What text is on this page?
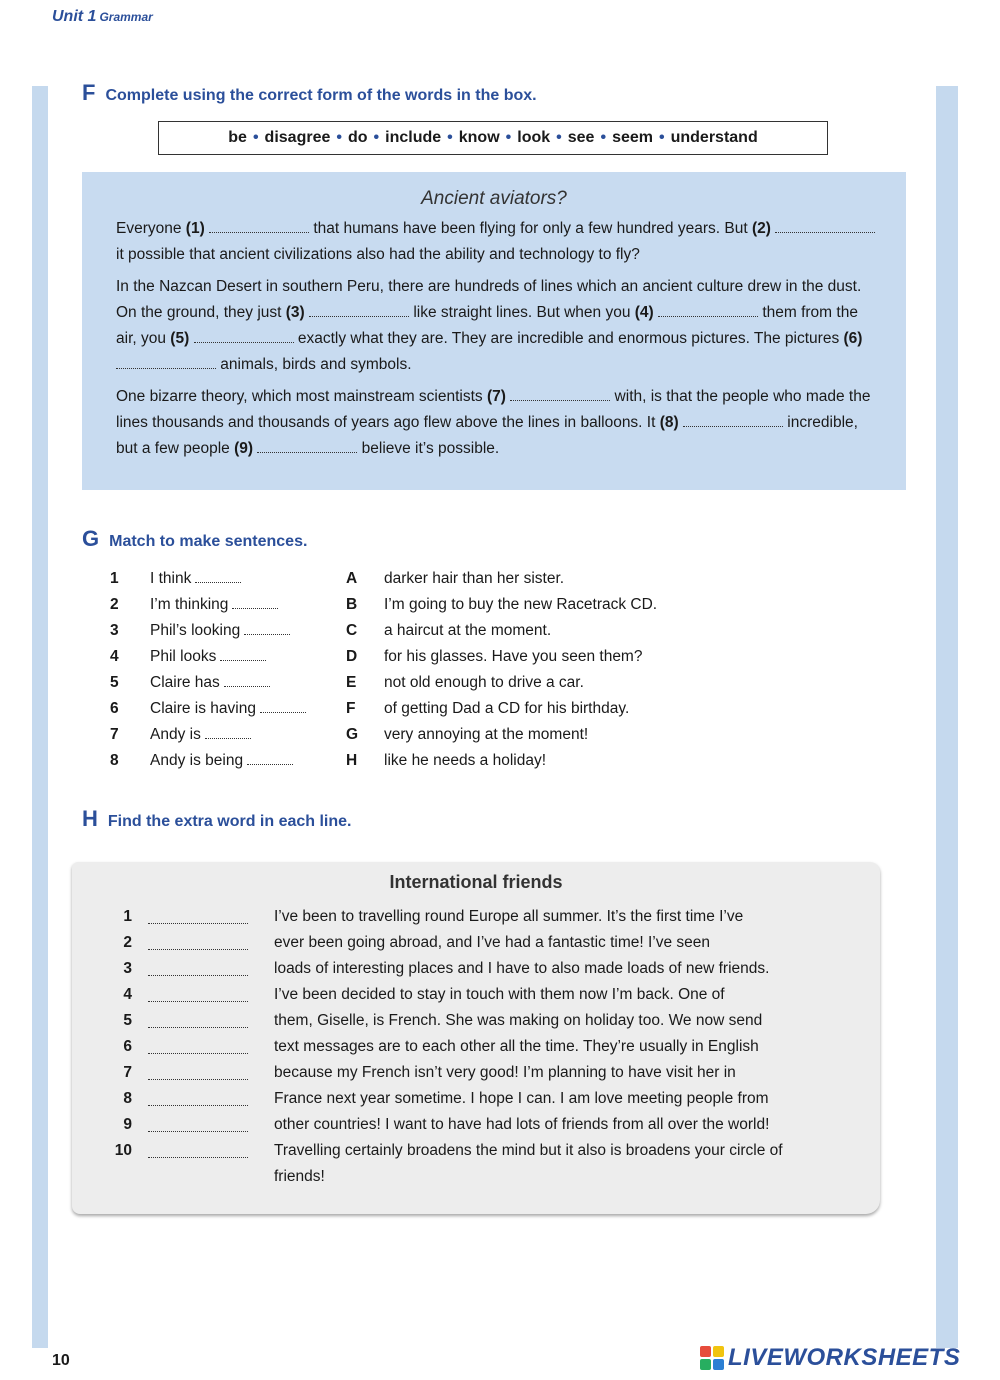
Unit 1 Grammar
F Complete using the correct form of the words in the box.
be • disagree • do • include • know • look • see • seem • understand
Ancient aviators?
Everyone (1)	that humans have been flying for only a few hundred years. But (2)  it possible that ancient civilizations also had the ability and technology to fly?
In the Nazcan Desert in southern Peru, there are hundreds of lines which an ancient culture drew in the dust. On the ground, they just (3)	like straight lines. But when you (4)	them from the air, you (5)	exactly what they are. They are incredible and enormous pictures. The pictures (6)  animals, birds and symbols.
One bizarre theory, which most mainstream scientists (7)	with, is that the people who made the lines thousands and thousands of years ago flew above the lines in balloons. It (8)	incredible, but a few people (9)	believe it’s possible.
G Match to make sentences.
1	I think	A	darker hair than her sister.
2	I’m thinking	B	I’m going to buy the new Racetrack CD.
3	Phil’s looking	C	a haircut at the moment.
4	Phil looks	D	for his glasses. Have you seen them?
5	Claire has	E	not old enough to drive a car.
6	Claire is having	F	of getting Dad a CD for his birthday.
7	Andy is	G	very annoying at the moment!
8	Andy is being	H	like he needs a holiday!
H Find the extra word in each line.
International friends
1	I’ve been to travelling round Europe all summer. It’s the first time I’ve
2	ever been going abroad, and I’ve had a fantastic time! I’ve seen
3	loads of interesting places and I have to also made loads of new friends.
4	I’ve been decided to stay in touch with them now I’m back. One of
5	them, Giselle, is French. She was making on holiday too. We now send
6	text messages are to each other all the time. They’re usually in English
7	because my French isn’t very good! I’m planning to have visit her in
8	France next year sometime. I hope I can. I am love meeting people from
9	other countries! I want to have had lots of friends from all over the world!
10	Travelling certainly broadens the mind but it also is broadens your circle of
friends!
10	LIVEWORKSHEETS
